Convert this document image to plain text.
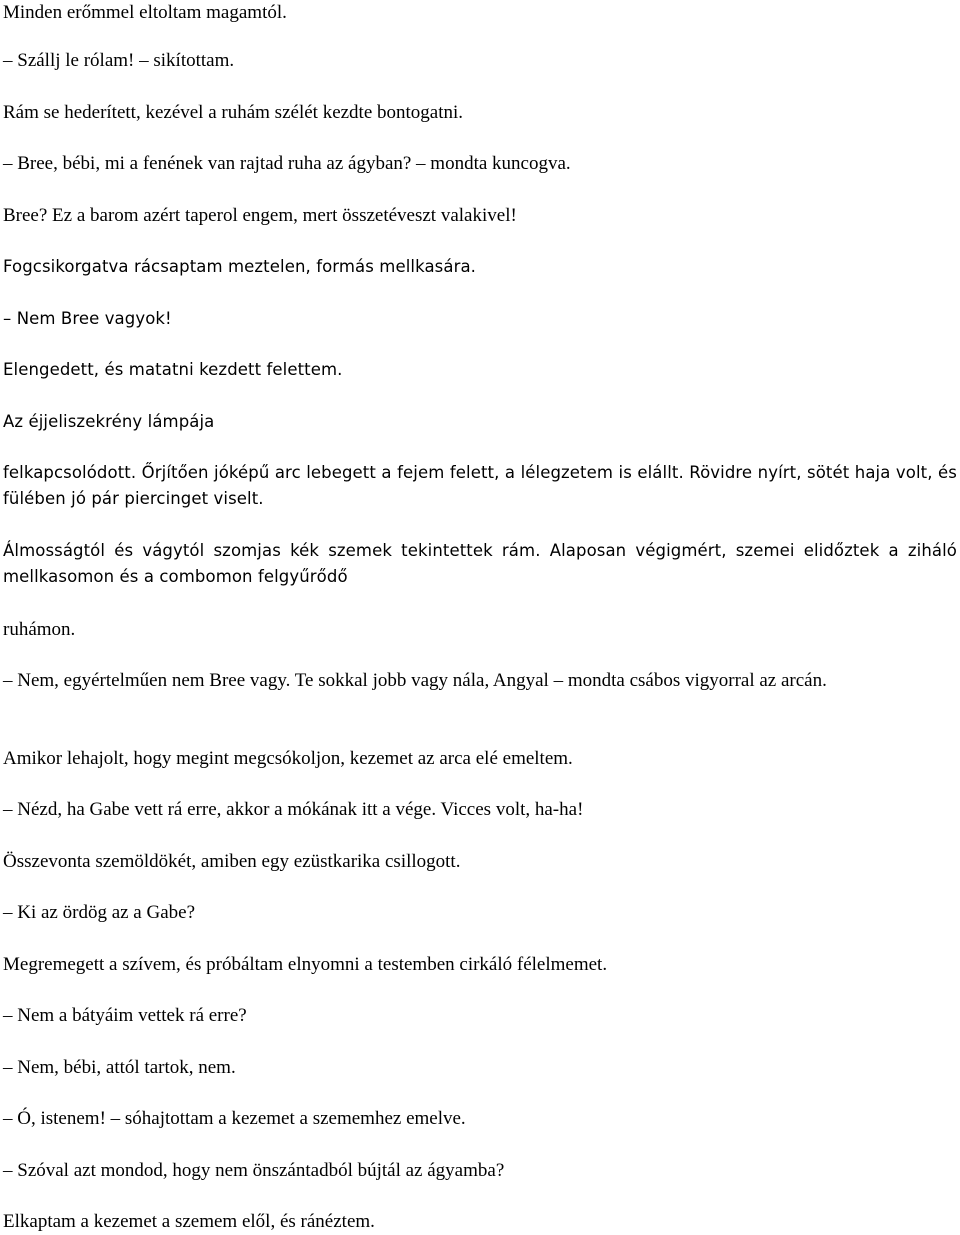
Minden erőmmel eltoltam magamtól.

– Szállj le rólam! – sikítottam.

Rám se hederített, kezével a ruhám szélét kezdte bontogatni.

– Bree, bébi, mi a fenének van rajtad ruha az ágyban? – mondta kuncogva.

Bree? Ez a barom azért taperol engem, mert összetéveszt valakivel!

Fogcsikorgatva rácsaptam meztelen, formás mellkasára.

– Nem Bree vagyok!

Elengedett, és matatni kezdett felettem.

Az éjjeliszekrény lámpája

felkapcsolódott. Őrjítően jóképű arc lebegett a fejem felett, a lélegzetem is elállt. Rövidre nyírt, sötét haja volt, és fülében jó pár piercinget viselt.

Álmosságtól és vágytól szomjas kék szemek tekintettek rám. Alaposan végigmért, szemei elidőztek a ziháló mellkasomon és a combomon felgyűrődő

ruhámon.

– Nem, egyértelműen nem Bree vagy. Te sokkal jobb vagy nála, Angyal – mondta csábos vigyorral az arcán.

Amikor lehajolt, hogy megint megcsókoljon, kezemet az arca elé emeltem.

– Nézd, ha Gabe vett rá erre, akkor a mókának itt a vége. Vicces volt, ha-ha!

Összevonta szemöldökét, amiben egy ezüstkarika csillogott.

– Ki az ördög az a Gabe?

Megremegett a szívem, és próbáltam elnyomni a testemben cirkáló félelmemet.

– Nem a bátyáim vettek rá erre?

– Nem, bébi, attól tartok, nem.

– Ó, istenem! – sóhajtottam a kezemet a szememhez emelve.

– Szóval azt mondod, hogy nem önszántadból bújtál az ágyamba?

Elkaptam a kezemet a szemem elől, és ránéztem.
